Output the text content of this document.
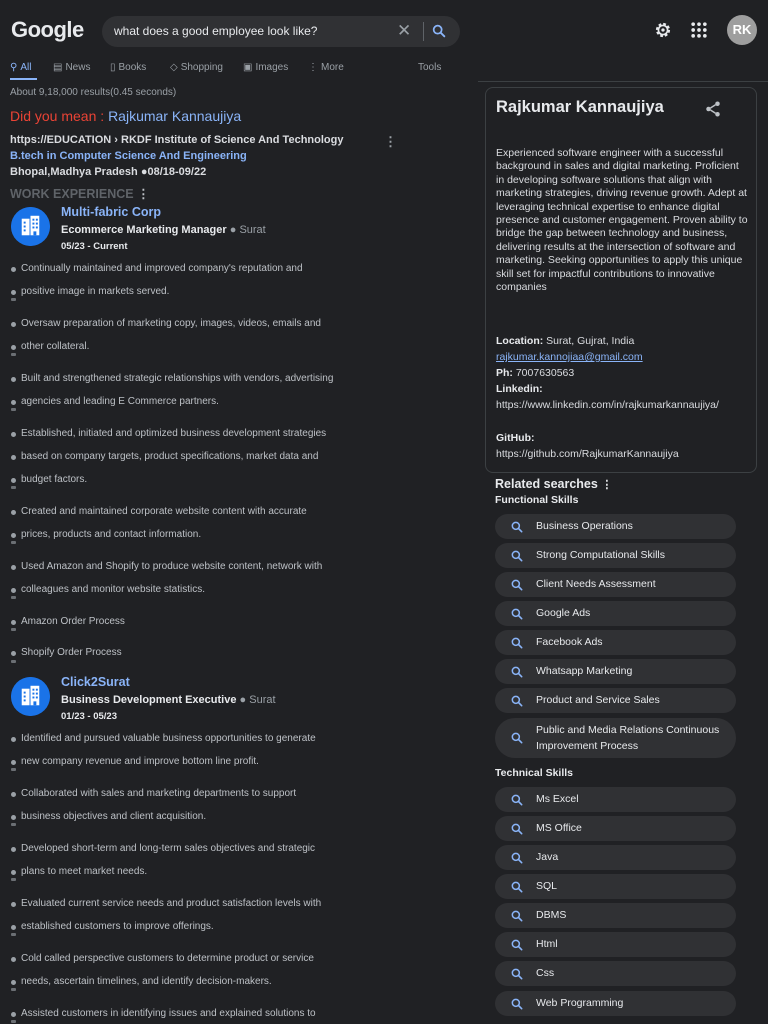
Google	what does a good employee look like?	✕	RK
⚲ All ▤ News ▯ Books ◇ Shopping ▣ Images ⋮ More	Tools
About 9,18,000 results(0.45 seconds)
Did you mean : Rajkumar Kannaujiya
https://EDUCATION › RKDF Institute of Science And Technology	⋮
B.tech in Computer Science And Engineering
Bhopal,Madhya Pradesh ●08/18-09/22
WORK EXPERIENCE ⋮
Multi-fabric Corp
Ecommerce Marketing Manager ● Surat
05/23 - Current
Continually maintained and improved company's reputation and
positive image in markets served.
Oversaw preparation of marketing copy, images, videos, emails and
other collateral.
Built and strengthened strategic relationships with vendors, advertising
agencies and leading E Commerce partners.
Established, initiated and optimized business development strategies
based on company targets, product specifications, market data and
budget factors.
Created and maintained corporate website content with accurate
prices, products and contact information.
Used Amazon and Shopify to produce website content, network with
colleagues and monitor website statistics.
Amazon Order Process
Shopify Order Process
Click2Surat
Business Development Executive ● Surat
01/23 - 05/23
Identified and pursued valuable business opportunities to generate
new company revenue and improve bottom line profit.
Collaborated with sales and marketing departments to support
business objectives and client acquisition.
Developed short-term and long-term sales objectives and strategic
plans to meet market needs.
Evaluated current service needs and product satisfaction levels with
established customers to improve offerings.
Cold called perspective customers to determine product or service
needs, ascertain timelines, and identify decision-makers.
Assisted customers in identifying issues and explained solutions to
Rajkumar Kannaujiya
Experienced software engineer with a successful background in sales and digital marketing. Proficient in developing software solutions that align with marketing strategies, driving revenue growth. Adept at leveraging technical expertise to enhance digital presence and customer engagement. Proven ability to bridge the gap between technology and business, delivering results at the intersection of software and marketing. Seeking opportunities to apply this unique skill set for impactful contributions to innovative companies
Location: Surat, Gujrat, India
rajkumar.kannojiaa@gmail.com
Ph: 7007630563
Linkedin:
https://www.linkedin.com/in/rajkumarkannaujiya/
GitHub:
https://github.com/RajkumarKannaujiya
Related searches ⋮
Functional Skills
Technical Skills
Business Operations
Strong Computational Skills
Client Needs Assessment
Google Ads
Facebook Ads
Whatsapp Marketing
Product and Service Sales
Public and Media Relations Continuous Improvement Process
Ms Excel
MS Office
Java
SQL
DBMS
Html
Css
Web Programming
